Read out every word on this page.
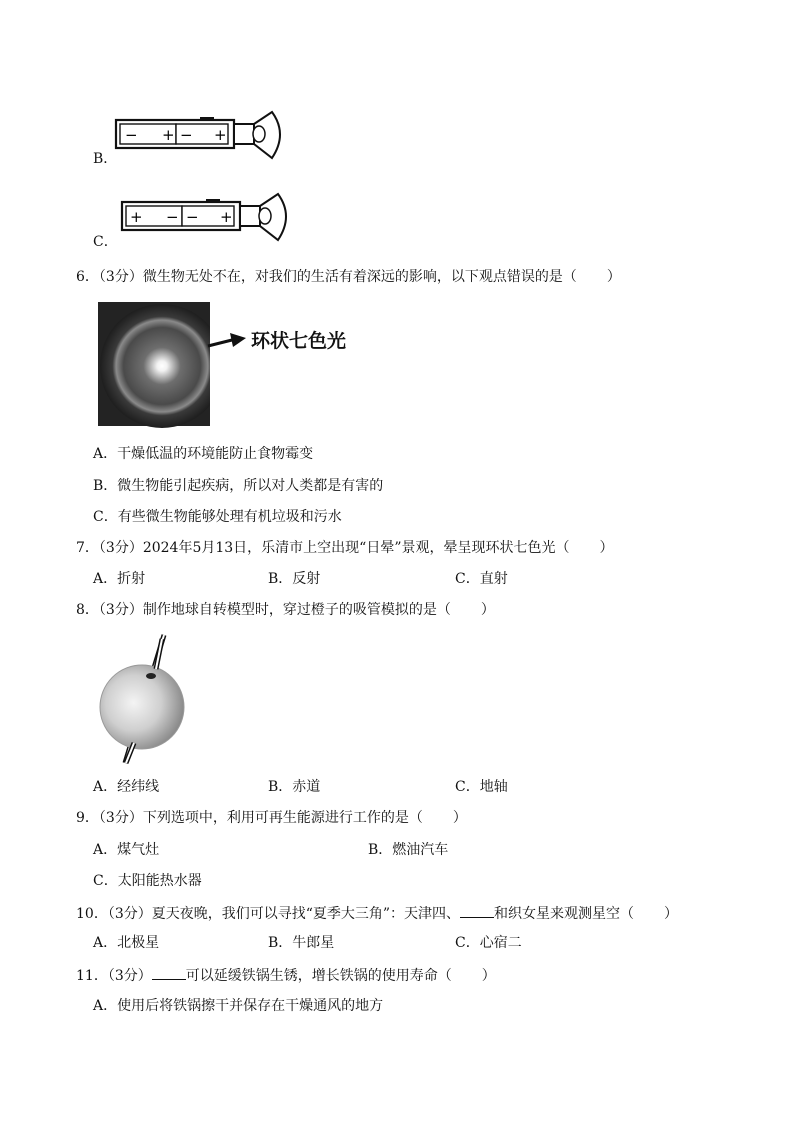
B．
− + − +
C．
+ − − +
6．（3分）微生物无处不在，对我们的生活有着深远的影响，以下观点错误的是（ ）
环状七色光
A．干燥低温的环境能防止食物霉变
B．微生物能引起疾病，所以对人类都是有害的
C．有些微生物能够处理有机垃圾和污水
7．（3分）2024年5月13日，乐清市上空出现“日晕”景观，晕呈现环状七色光（ ）
A．折射	B．反射	C．直射
8．（3分）制作地球自转模型时，穿过橙子的吸管模拟的是（ ）
A．经纬线	B．赤道	C．地轴
9．（3分）下列选项中，利用可再生能源进行工作的是（ ）
A．煤气灶	B．燃油汽车
C．太阳能热水器
10．（3分）夏天夜晚，我们可以寻找“夏季大三角”：天津四、 和织女星来观测星空（ ）
A．北极星	B．牛郎星	C．心宿二
11．（3分） 可以延缓铁锅生锈，增长铁锅的使用寿命（ ）
A．使用后将铁锅擦干并保存在干燥通风的地方
